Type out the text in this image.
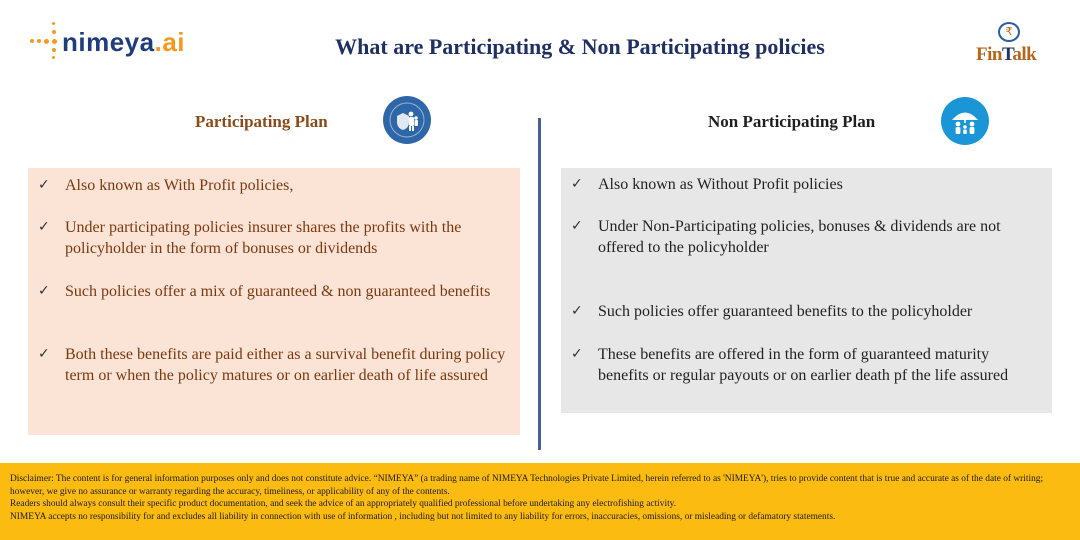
nimeya.ai	What are Participating & Non Participating policies
₹
FinTalk
Participating Plan	Non Participating Plan
✓ Also known as With Profit policies,
✓ Under participating policies insurer shares the profits with the policyholder in the form of bonuses or dividends
✓ Such policies offer a mix of guaranteed & non guaranteed benefits
✓ Both these benefits are paid either as a survival benefit during policy term or when the policy matures or on earlier death of life assured
✓ Also known as Without Profit policies
✓ Under Non-Participating policies, bonuses & dividends are not offered to the policyholder
✓ Such policies offer guaranteed benefits to the policyholder
✓ These benefits are offered in the form of guaranteed maturity benefits or regular payouts or on earlier death pf the life assured

Disclaimer: The content is for general information purposes only and does not constitute advice. “NIMEYA” (a trading name of NIMEYA Technologies Private Limited, herein referred to as 'NIMEYA'), tries to provide content that is true and accurate as of the date of writing; however, we give no assurance or warranty regarding the accuracy, timeliness, or applicability of any of the contents.

Readers should always consult their specific product documentation, and seek the advice of an appropriately qualified professional before undertaking any electrofishing activity.

NIMEYA accepts no responsibility for and excludes all liability in connection with use of information , including but not limited to any liability for errors, inaccuracies, omissions, or misleading or defamatory statements.
